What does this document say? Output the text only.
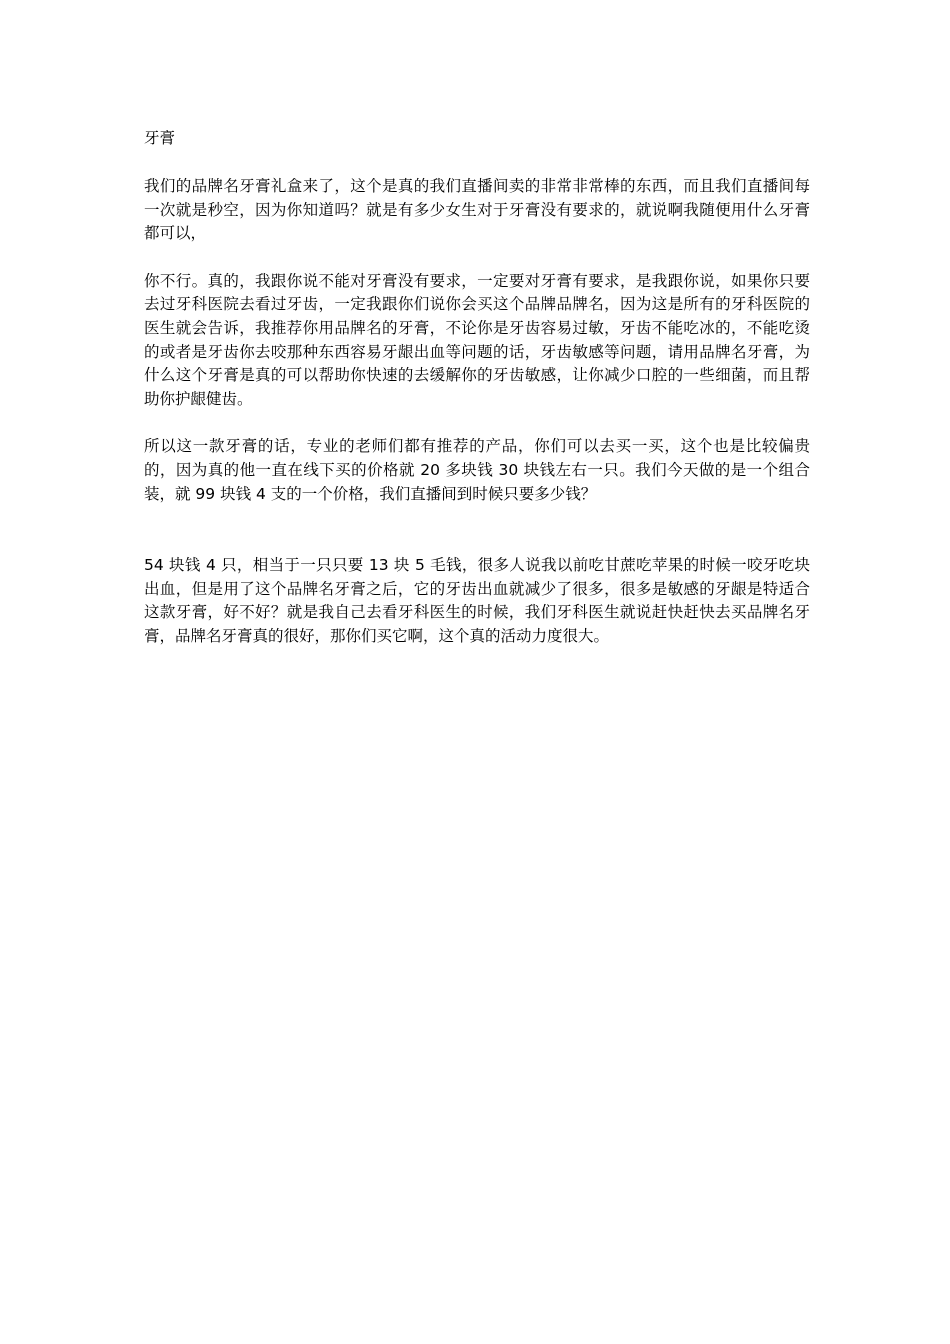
牙膏

我们的品牌名牙膏礼盒来了，这个是真的我们直播间卖的非常非常棒的东西，而且我们直播间每一次就是秒空，因为你知道吗？就是有多少女生对于牙膏没有要求的，就说啊我随便用什么牙膏都可以，

你不行。真的，我跟你说不能对牙膏没有要求，一定要对牙膏有要求，是我跟你说，如果你只要去过牙科医院去看过牙齿，一定我跟你们说你会买这个品牌品牌名，因为这是所有的牙科医院的医生就会告诉，我推荐你用品牌名的牙膏，不论你是牙齿容易过敏，牙齿不能吃冰的，不能吃烫的或者是牙齿你去咬那种东西容易牙龈出血等问题的话，牙齿敏感等问题，请用品牌名牙膏，为什么这个牙膏是真的可以帮助你快速的去缓解你的牙齿敏感，让你减少口腔的一些细菌，而且帮助你护龈健齿。

所以这一款牙膏的话，专业的老师们都有推荐的产品，你们可以去买一买，这个也是比较偏贵的，因为真的他一直在线下买的价格就 20 多块钱 30 块钱左右一只。我们今天做的是一个组合装，就 99 块钱 4 支的一个价格，我们直播间到时候只要多少钱？

54 块钱 4 只，相当于一只只要 13 块 5 毛钱，很多人说我以前吃甘蔗吃苹果的时候一咬牙吃块出血，但是用了这个品牌名牙膏之后，它的牙齿出血就减少了很多，很多是敏感的牙龈是特适合这款牙膏，好不好？就是我自己去看牙科医生的时候，我们牙科医生就说赶快赶快去买品牌名牙膏，品牌名牙膏真的很好，那你们买它啊，这个真的活动力度很大。
